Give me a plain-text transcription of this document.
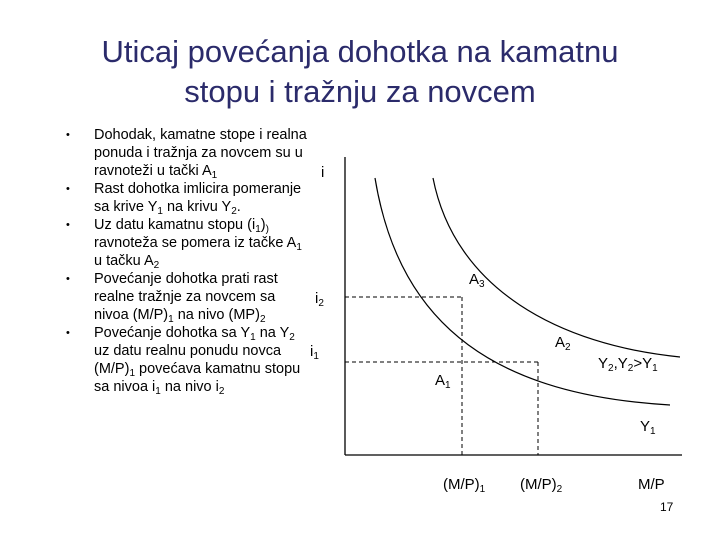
Uticaj povećanja dohotka na kamatnu
stopu i tražnju za novcem
• Dohodak, kamatne stope i realna ponuda i tražnja za novcem su u ravnoteži u tački $A_1$
• Rast dohotka imlicira pomeranje sa krive $Y_1$ na krivu $Y_2$.
• Uz datu kamatnu stopu $(i_1)_)$ ravnoteža se pomera iz tačke $A_1$ u tačku $A_2$
• Povećanje dohotka prati rast realne tražnje za novcem sa nivoa $(M/P)_1$ na nivo $(MP)_2$
• Povećanje dohotka sa $Y_1$ na $Y_2$ uz datu realnu ponudu novca $(M/P)_1$ povećava kamatnu stopu sa nivoa $i_1$ na nivo $i_2$
i
$i_2$
$i_1$
$A_3$
$A_2$
$A_1$
$Y_2,Y_2>Y_1$
$Y_1$
$(M/P)_1$ $(M/P)_2$	M/P
17
